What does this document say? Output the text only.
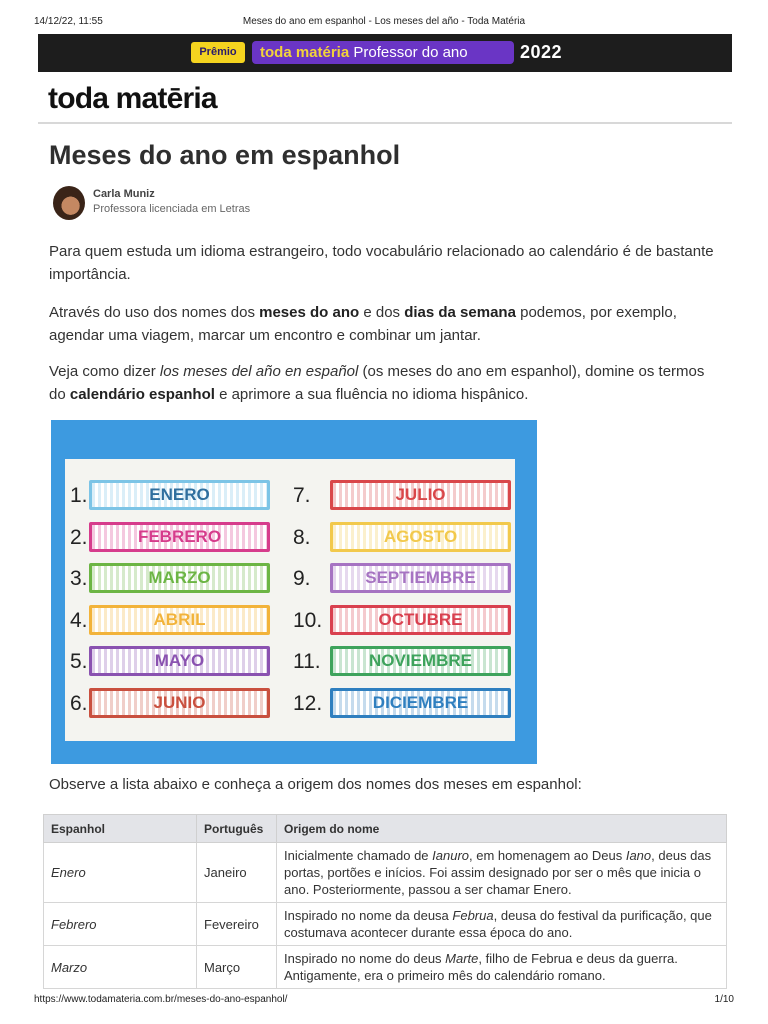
14/12/22, 11:55	Meses do ano em espanhol - Los meses del año - Toda Matéria
Prêmio	toda matéria Professor do ano	2022
toda matēria
Meses do ano em espanhol
Carla Muniz
Professora licenciada em Letras

Para quem estuda um idioma estrangeiro, todo vocabulário relacionado ao calendário é de bastante importância.

Através do uso dos nomes dos meses do ano e dos dias da semana podemos, por exemplo, agendar uma viagem, marcar um encontro e combinar um jantar.

Veja como dizer los meses del año en español (os meses do ano em espanhol), domine os termos do calendário espanhol e aprimore a sua fluência no idioma hispânico.

1.	ENERO
2.	FEBRERO
3.	MARZO
4.	ABRIL
5.	MAYO
6.	JUNIO
7.	JULIO
8.	AGOSTO
9.	SEPTIEMBRE
10.	OCTUBRE
11.	NOVIEMBRE
12.	DICIEMBRE

Observe a lista abaixo e conheça a origem dos nomes dos meses em espanhol:

Espanhol	Português	Origem do nome
Enero	Janeiro	Inicialmente chamado de Ianuro, em homenagem ao Deus Iano, deus das portas, portões e inícios. Foi assim designado por ser o mês que inicia o ano. Posteriormente, passou a ser chamar Enero.
Febrero	Fevereiro	Inspirado no nome da deusa Februa, deusa do festival da purificação, que costumava acontecer durante essa época do ano.
Marzo	Março	Inspirado no nome do deus Marte, filho de Februa e deus da guerra. Antigamente, era o primeiro mês do calendário romano.
https://www.todamateria.com.br/meses-do-ano-espanhol/	1/10
